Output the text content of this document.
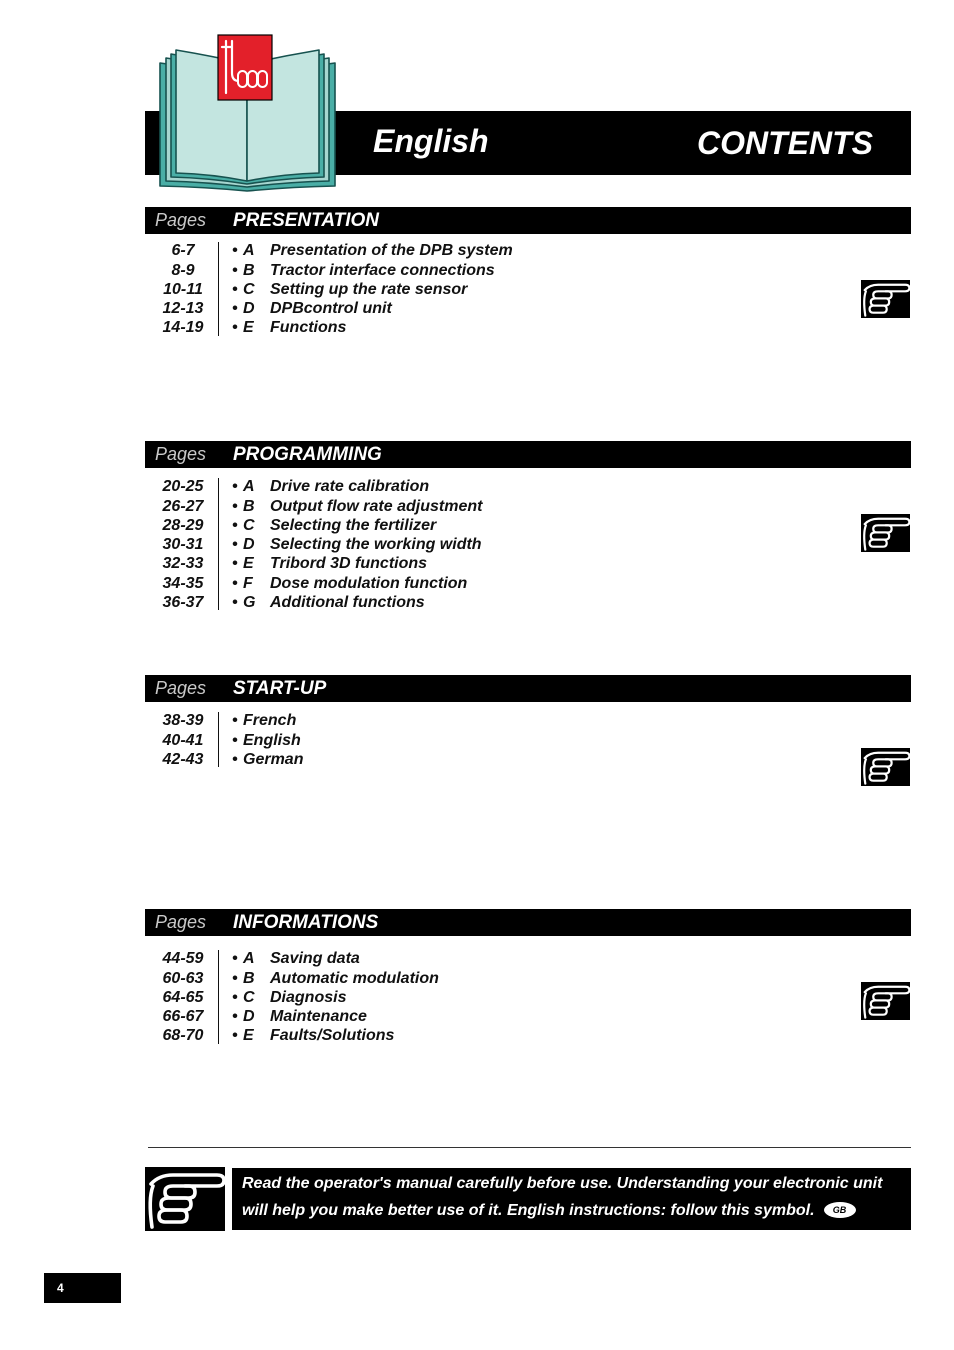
English	CONTENTS
Pages PRESENTATION
6-7	• A Presentation of the DPB system
8-9	• B Tractor interface connections
10-11	• C Setting up the rate sensor
12-13	• D DPBcontrol unit
14-19	• E Functions
Pages PROGRAMMING
20-25	• A Drive rate calibration
26-27	• B Output flow rate adjustment
28-29	• C Selecting the fertilizer
30-31	• D Selecting the working width
32-33	• E Tribord 3D functions
34-35	• F Dose modulation function
36-37	• G Additional functions
Pages START-UP
38-39	• French
40-41	• English
42-43	• German
Pages INFORMATIONS
44-59	• A Saving data
60-63	• B Automatic modulation
64-65	• C Diagnosis
66-67	• D Maintenance
68-70	• E Faults/Solutions
Read the operator's manual carefully before use. Understanding your electronic unit
will help you make better use of it. English instructions: follow this symbol. GB
4
